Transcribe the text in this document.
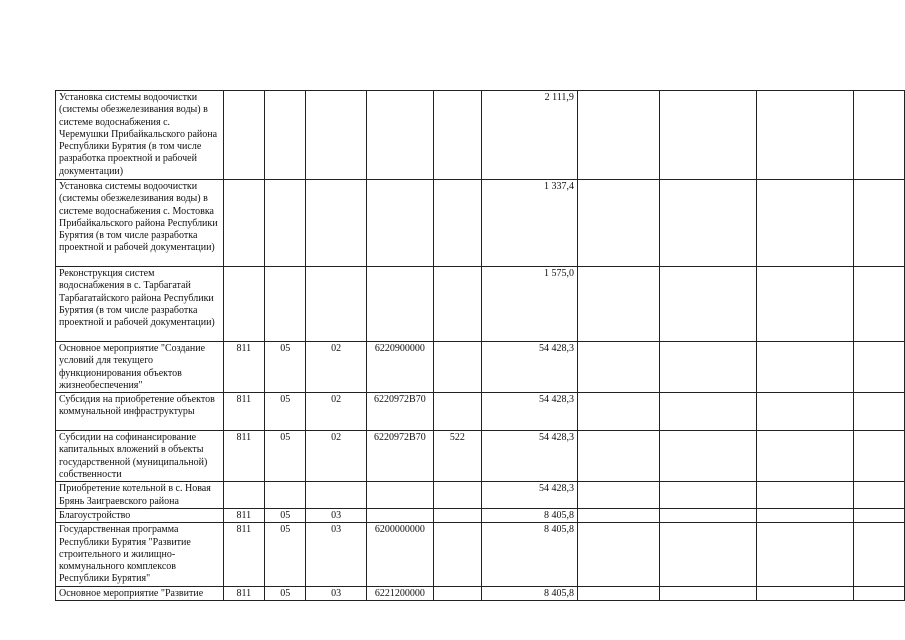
Установка системы водоочистки (системы обезжелезивания воды) в системе водоснабжения с. Черемушки Прибайкальского района Республики Бурятия (в том числе разработка проектной и рабочей документации)						2 111,9				
Установка системы водоочистки (системы обезжелезивания воды) в системе водоснабжения с. Мостовка Прибайкальского района Республики Бурятия (в том числе разработка проектной и рабочей документации)						1 337,4				
Реконструкция систем водоснабжения в с. Тарбагатай Тарбагатайского района Республики Бурятия (в том числе разработка проектной и рабочей документации)						1 575,0				
Основное мероприятие "Создание условий для текущего функционирования объектов жизнеобеспечения"	811	05	02	6220900000		54 428,3				
Субсидия на приобретение объектов коммунальной инфраструктуры	811	05	02	6220972В70		54 428,3				
Субсидии на софинансирование капитальных вложений в объекты государственной (муниципальной) собственности	811	05	02	6220972В70	522	54 428,3				
Приобретение котельной в с. Новая Брянь Заиграевского района						54 428,3				
Благоустройство	811	05	03			8 405,8				
Государственная программа Республики Бурятия "Развитие строительного и жилищно-коммунального комплексов Республики Бурятия"	811	05	03	6200000000		8 405,8				
Основное мероприятие "Развитие	811	05	03	6221200000		8 405,8				
